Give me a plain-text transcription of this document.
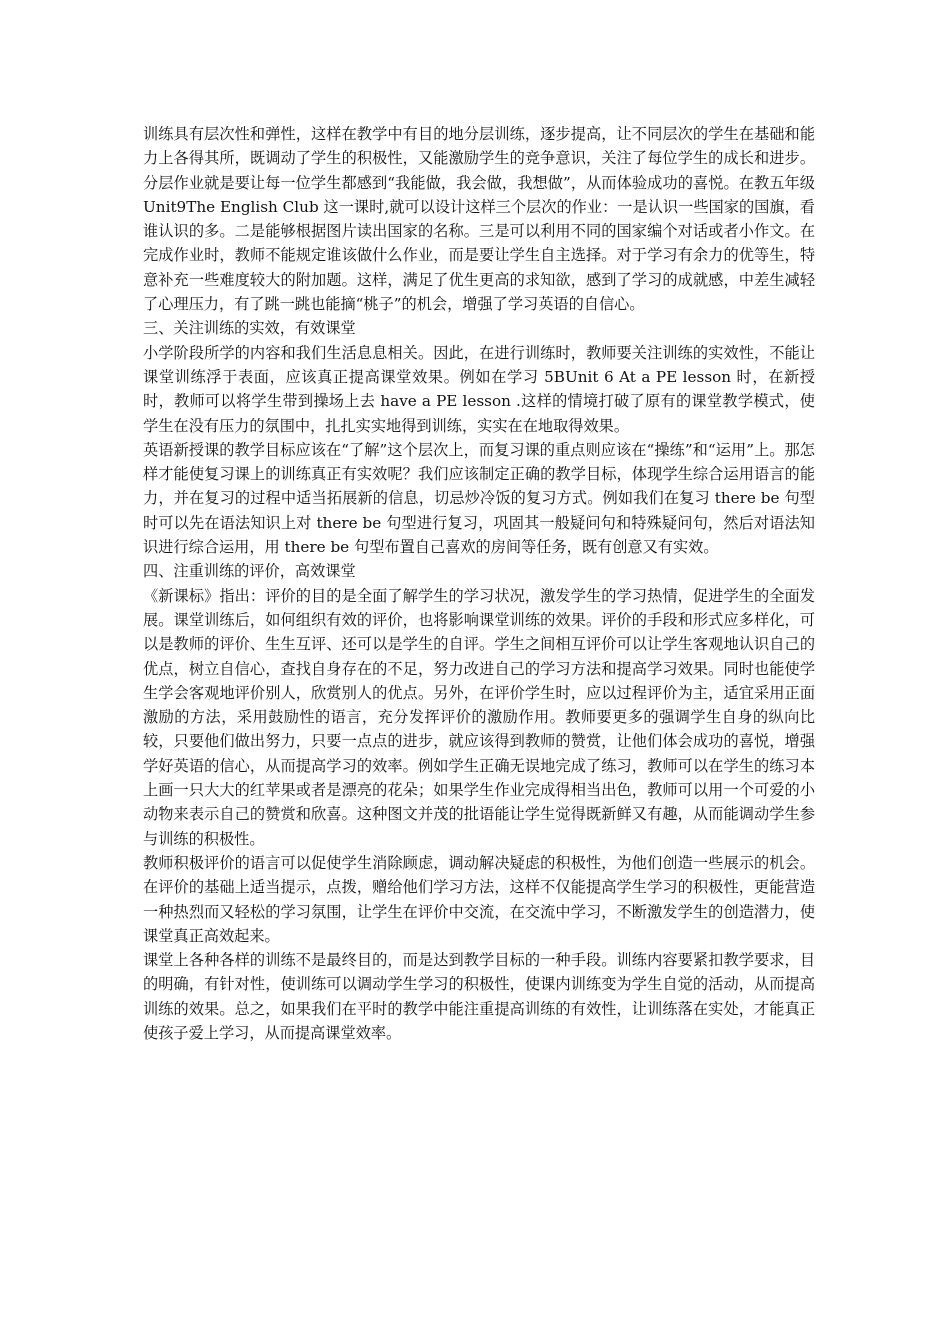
训练具有层次性和弹性，这样在教学中有目的地分层训练，逐步提高，让不同层次的学生在基础和能力上各得其所，既调动了学生的积极性，又能激励学生的竞争意识，关注了每位学生的成长和进步。分层作业就是要让每一位学生都感到“我能做，我会做，我想做”，从而体验成功的喜悦。在教五年级 Unit9The English Club 这一课时,就可以设计这样三个层次的作业：一是认识一些国家的国旗，看谁认识的多。二是能够根据图片读出国家的名称。三是可以利用不同的国家编个对话或者小作文。在完成作业时，教师不能规定谁该做什么作业，而是要让学生自主选择。对于学习有余力的优等生，特意补充一些难度较大的附加题。这样，满足了优生更高的求知欲，感到了学习的成就感，中差生减轻了心理压力，有了跳一跳也能摘“桃子”的机会，增强了学习英语的自信心。

三、关注训练的实效，有效课堂

小学阶段所学的内容和我们生活息息相关。因此，在进行训练时，教师要关注训练的实效性，不能让课堂训练浮于表面，应该真正提高课堂效果。例如在学习 5BUnit 6 At a PE lesson 时，在新授时，教师可以将学生带到操场上去 have a PE lesson .这样的情境打破了原有的课堂教学模式，使学生在没有压力的氛围中，扎扎实实地得到训练，实实在在地取得效果。

英语新授课的教学目标应该在“了解”这个层次上，而复习课的重点则应该在“操练”和“运用”上。那怎样才能使复习课上的训练真正有实效呢？我们应该制定正确的教学目标，体现学生综合运用语言的能力，并在复习的过程中适当拓展新的信息，切忌炒冷饭的复习方式。例如我们在复习 there be 句型时可以先在语法知识上对 there be 句型进行复习，巩固其一般疑问句和特殊疑问句，然后对语法知识进行综合运用，用 there be 句型布置自己喜欢的房间等任务，既有创意又有实效。

四、注重训练的评价，高效课堂

《新课标》指出：评价的目的是全面了解学生的学习状况，激发学生的学习热情，促进学生的全面发展。课堂训练后，如何组织有效的评价，也将影响课堂训练的效果。评价的手段和形式应多样化，可以是教师的评价、生生互评、还可以是学生的自评。学生之间相互评价可以让学生客观地认识自己的优点，树立自信心，查找自身存在的不足，努力改进自己的学习方法和提高学习效果。同时也能使学生学会客观地评价别人，欣赏别人的优点。另外，在评价学生时，应以过程评价为主，适宜采用正面激励的方法，采用鼓励性的语言，充分发挥评价的激励作用。教师要更多的强调学生自身的纵向比较，只要他们做出努力，只要一点点的进步，就应该得到教师的赞赏，让他们体会成功的喜悦，增强学好英语的信心，从而提高学习的效率。例如学生正确无误地完成了练习，教师可以在学生的练习本上画一只大大的红苹果或者是漂亮的花朵；如果学生作业完成得相当出色，教师可以用一个可爱的小动物来表示自己的赞赏和欣喜。这种图文并茂的批语能让学生觉得既新鲜又有趣，从而能调动学生参与训练的积极性。

教师积极评价的语言可以促使学生消除顾虑，调动解决疑虑的积极性，为他们创造一些展示的机会。在评价的基础上适当提示，点拨，赠给他们学习方法，这样不仅能提高学生学习的积极性，更能营造一种热烈而又轻松的学习氛围，让学生在评价中交流，在交流中学习，不断激发学生的创造潜力，使课堂真正高效起来。

课堂上各种各样的训练不是最终目的，而是达到教学目标的一种手段。训练内容要紧扣教学要求，目的明确，有针对性，使训练可以调动学生学习的积极性，使课内训练变为学生自觉的活动，从而提高训练的效果。总之，如果我们在平时的教学中能注重提高训练的有效性，让训练落在实处，才能真正使孩子爱上学习，从而提高课堂效率。
